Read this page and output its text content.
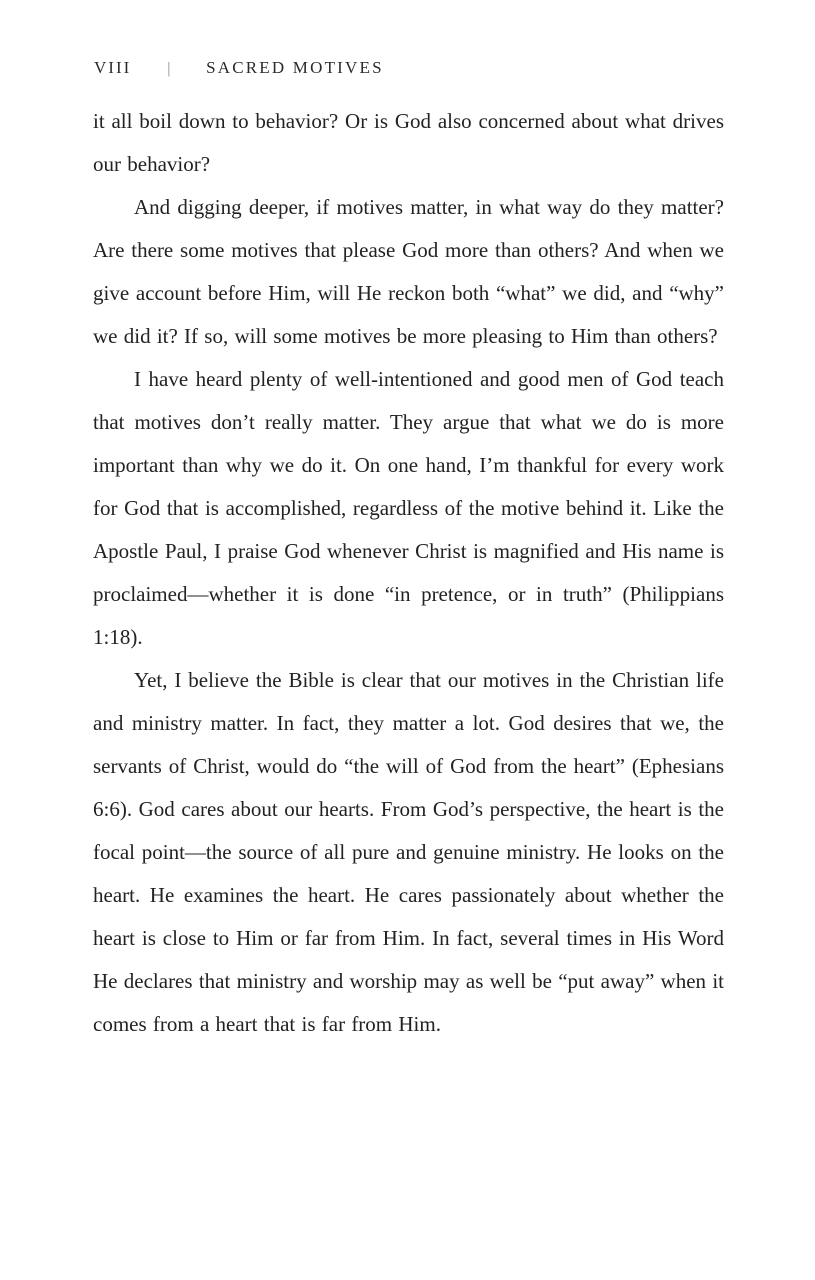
VIII | SACRED MOTIVES

it all boil down to behavior? Or is God also concerned about what drives our behavior?

And digging deeper, if motives matter, in what way do they matter? Are there some motives that please God more than others? And when we give account before Him, will He reckon both “what” we did, and “why” we did it? If so, will some motives be more pleasing to Him than others?

I have heard plenty of well-intentioned and good men of God teach that motives don’t really matter. They argue that what we do is more important than why we do it. On one hand, I’m thankful for every work for God that is accomplished, regardless of the motive behind it. Like the Apostle Paul, I praise God whenever Christ is magnified and His name is proclaimed—whether it is done “in pretence, or in truth” (Philippians 1:18).

Yet, I believe the Bible is clear that our motives in the Christian life and ministry matter. In fact, they matter a lot. God desires that we, the servants of Christ, would do “the will of God from the heart” (Ephesians 6:6). God cares about our hearts. From God’s perspective, the heart is the focal point—the source of all pure and genuine ministry. He looks on the heart. He examines the heart. He cares passionately about whether the heart is close to Him or far from Him. In fact, several times in His Word He declares that ministry and worship may as well be “put away” when it comes from a heart that is far from Him.
